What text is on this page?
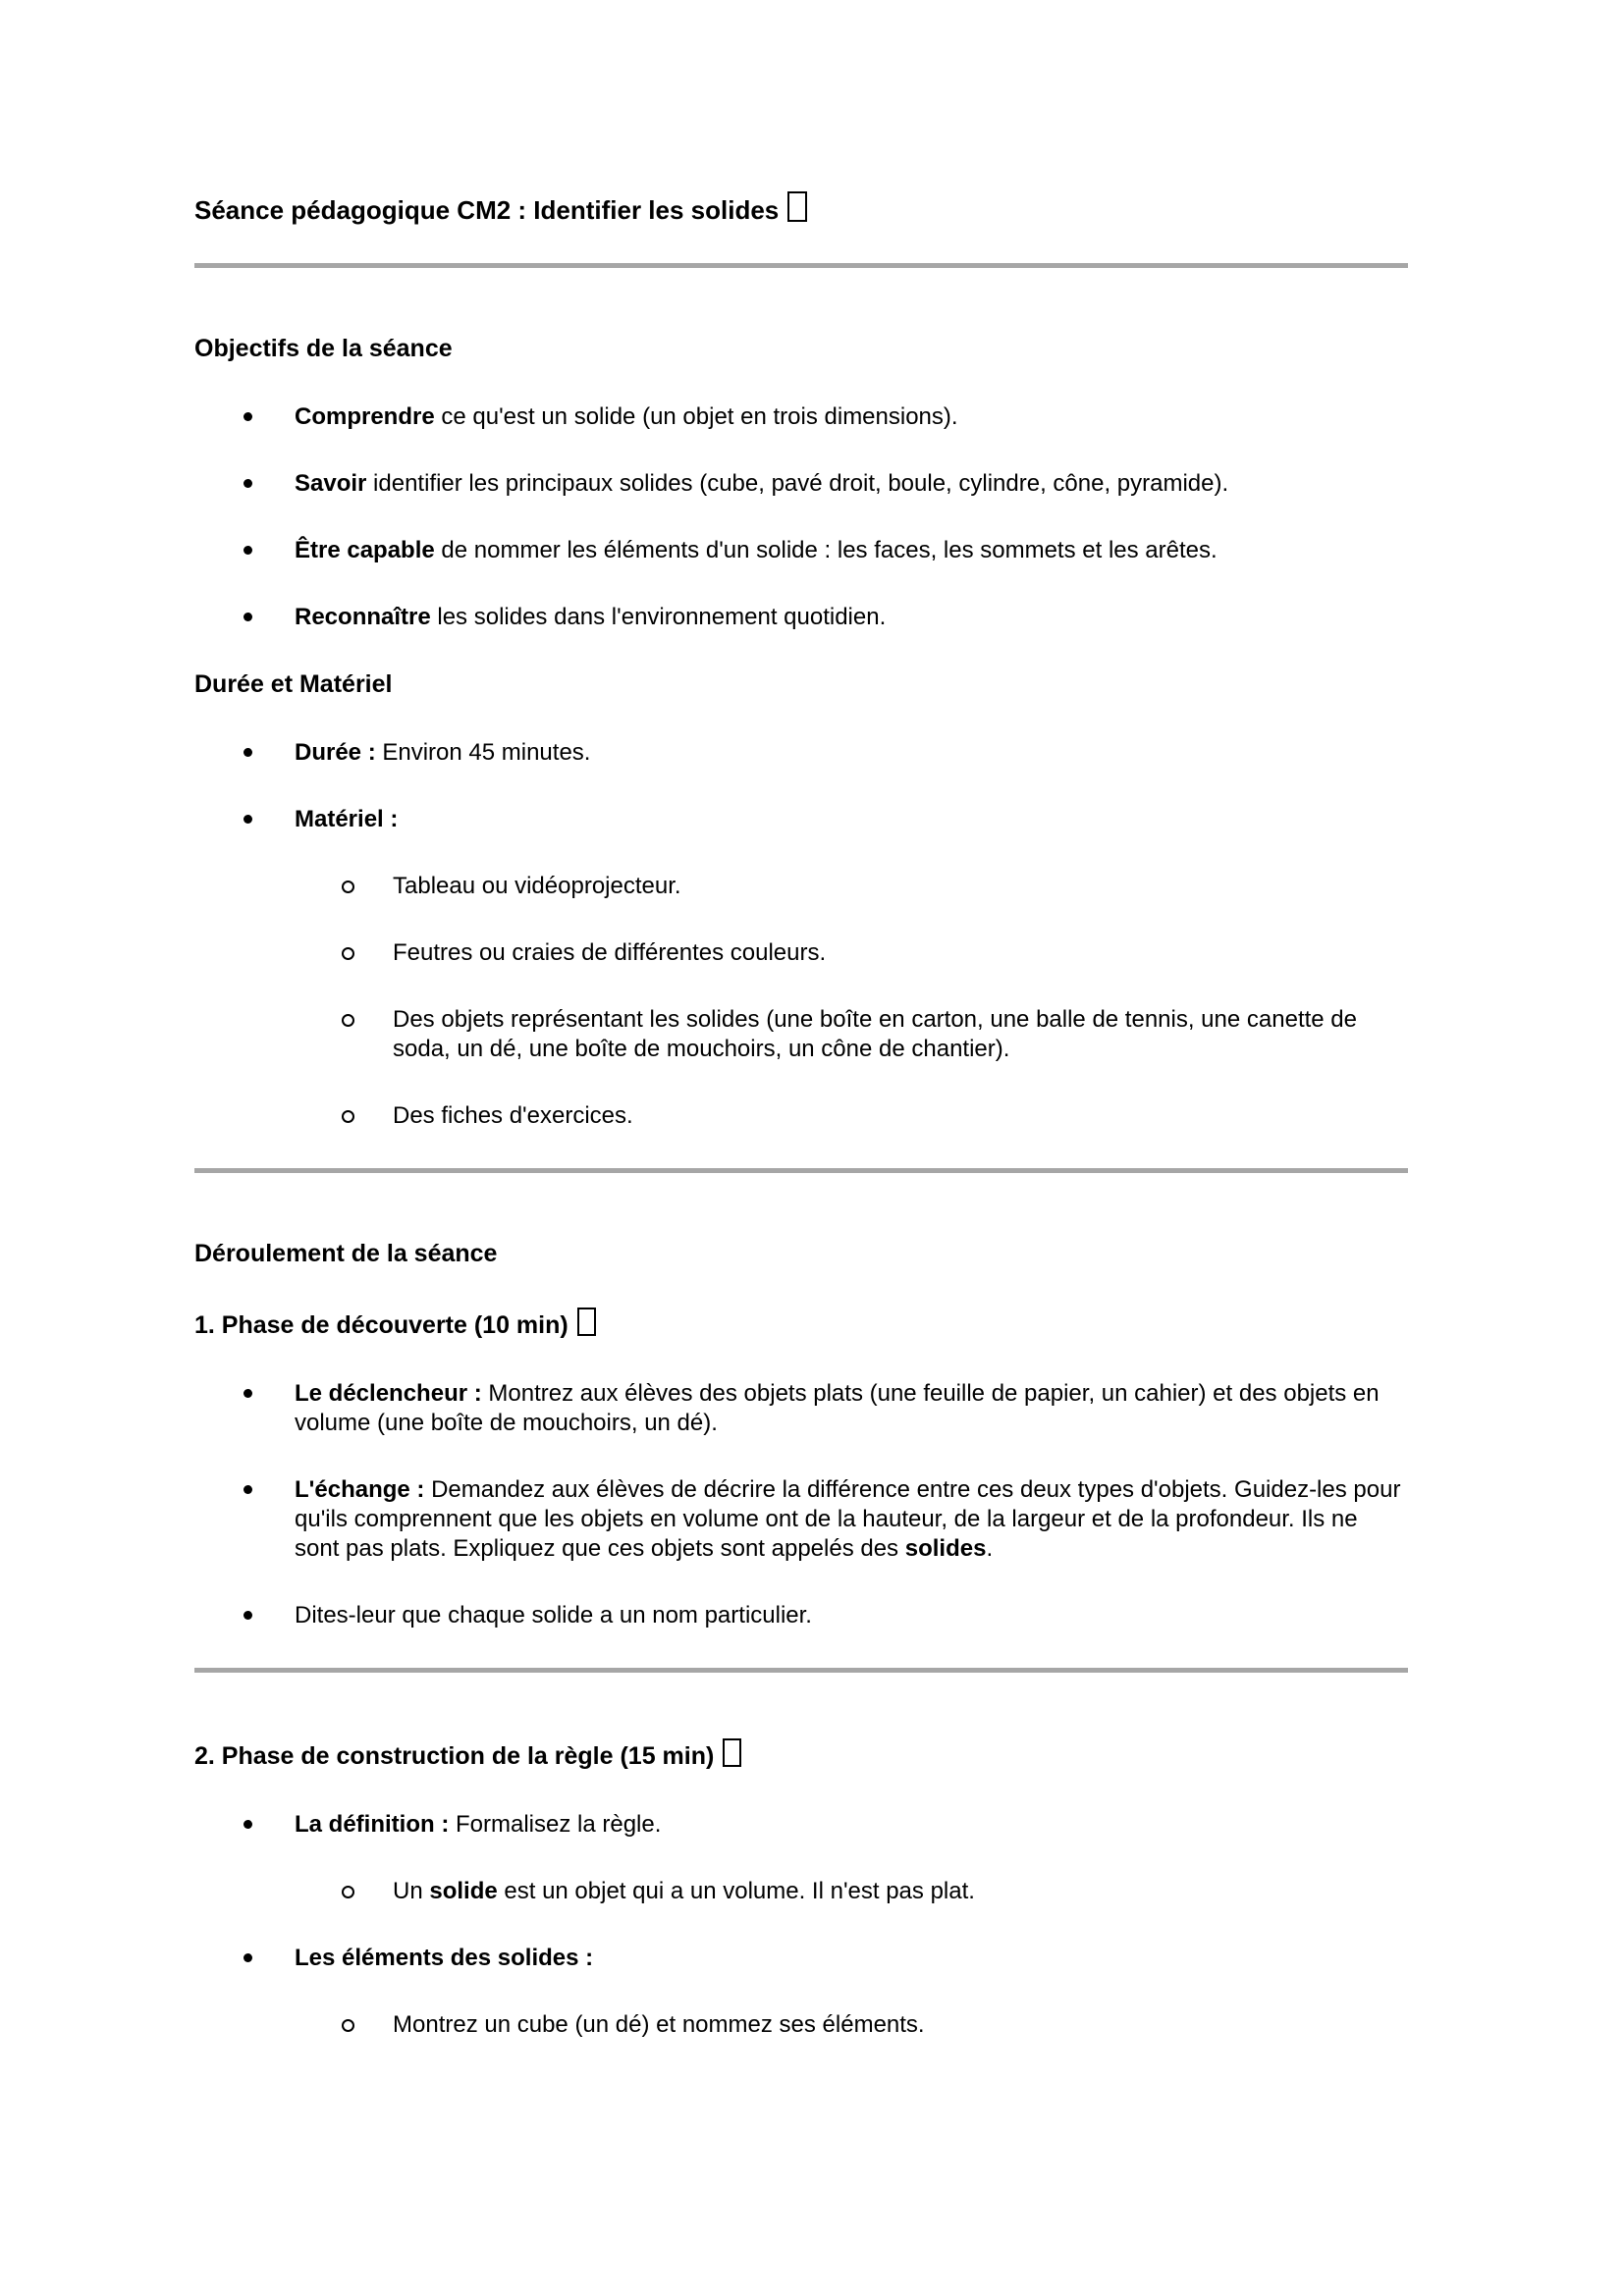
Séance pédagogique CM2 : Identifier les solides
Objectifs de la séance
Comprendre ce qu'est un solide (un objet en trois dimensions).
Savoir identifier les principaux solides (cube, pavé droit, boule, cylindre, cône, pyramide).
Être capable de nommer les éléments d'un solide : les faces, les sommets et les arêtes.
Reconnaître les solides dans l'environnement quotidien.
Durée et Matériel
Durée : Environ 45 minutes.
Matériel :
Tableau ou vidéoprojecteur.
Feutres ou craies de différentes couleurs.
Des objets représentant les solides (une boîte en carton, une balle de tennis, une canette de soda, un dé, une boîte de mouchoirs, un cône de chantier).
Des fiches d'exercices.
Déroulement de la séance
1. Phase de découverte (10 min)
Le déclencheur : Montrez aux élèves des objets plats (une feuille de papier, un cahier) et des objets en volume (une boîte de mouchoirs, un dé).
L'échange : Demandez aux élèves de décrire la différence entre ces deux types d'objets. Guidez-les pour qu'ils comprennent que les objets en volume ont de la hauteur, de la largeur et de la profondeur. Ils ne sont pas plats. Expliquez que ces objets sont appelés des solides.
Dites-leur que chaque solide a un nom particulier.
2. Phase de construction de la règle (15 min)
La définition : Formalisez la règle.
Un solide est un objet qui a un volume. Il n'est pas plat.
Les éléments des solides :
Montrez un cube (un dé) et nommez ses éléments.
